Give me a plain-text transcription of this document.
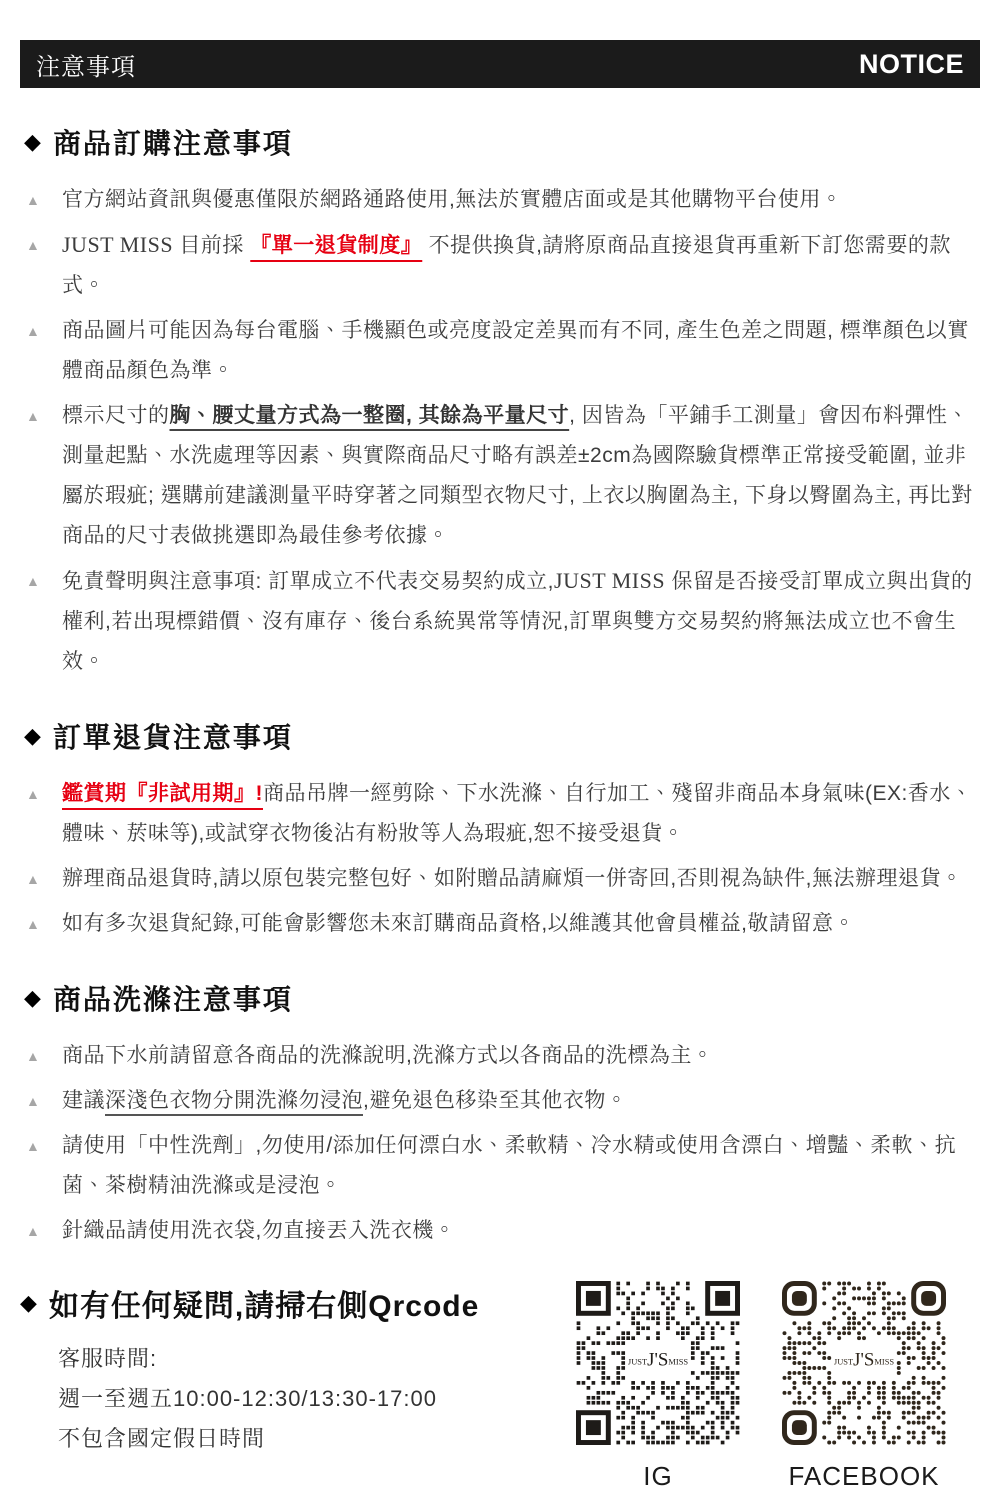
注意事項	NOTICE
◆ 商品訂購注意事項
▲ 官方網站資訊與優惠僅限於網路通路使用,無法於實體店面或是其他購物平台使用。
▲ JUST MISS 目前採 『單一退貨制度』 不提供換貨,請將原商品直接退貨再重新下訂您需要的款式。
▲ 商品圖片可能因為每台電腦、手機顯色或亮度設定差異而有不同, 產生色差之問題, 標準顏色以實體商品顏色為準。
▲ 標示尺寸的胸、腰丈量方式為一整圈, 其餘為平量尺寸, 因皆為「平鋪手工測量」會因布料彈性、測量起點、水洗處理等因素、與實際商品尺寸略有誤差±2cm為國際驗貨標準正常接受範圍, 並非屬於瑕疵; 選購前建議測量平時穿著之同類型衣物尺寸, 上衣以胸圍為主, 下身以臀圍為主, 再比對商品的尺寸表做挑選即為最佳參考依據。
▲ 免責聲明與注意事項: 訂單成立不代表交易契約成立,JUST MISS 保留是否接受訂單成立與出貨的權利,若出現標錯價、沒有庫存、後台系統異常等情況,訂單與雙方交易契約將無法成立也不會生效。
◆ 訂單退貨注意事項
▲ 鑑賞期『非試用期』!商品吊牌一經剪除、下水洗滌、自行加工、殘留非商品本身氣味(EX:香水、體味、菸味等),或試穿衣物後沾有粉妝等人為瑕疵,恕不接受退貨。
▲ 辦理商品退貨時,請以原包裝完整包好、如附贈品請麻煩一併寄回,否則視為缺件,無法辦理退貨。
▲ 如有多次退貨紀錄,可能會影響您未來訂購商品資格,以維護其他會員權益,敬請留意。
◆ 商品洗滌注意事項
▲ 商品下水前請留意各商品的洗滌說明,洗滌方式以各商品的洗標為主。
▲ 建議深淺色衣物分開洗滌勿浸泡,避免退色移染至其他衣物。
▲ 請使用「中性洗劑」,勿使用/添加任何漂白水、柔軟精、冷水精或使用含漂白、增豔、柔軟、抗菌、茶樹精油洗滌或是浸泡。
▲ 針織品請使用洗衣袋,勿直接丟入洗衣機。
◆ 如有任何疑問,請掃右側Qrcode
客服時間:
週一至週五10:00-12:30/13:30-17:00
不包含國定假日時間
JUSTJ'SMISS
IG
JUSTJ'SMISS
FACEBOOK
